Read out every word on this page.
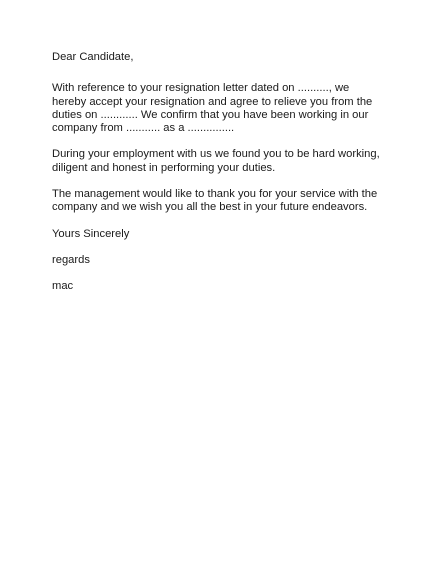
Dear Candidate,

With reference to your resignation letter dated on .........., we
hereby accept your resignation and agree to relieve you from the
duties on ............ We confirm that you have been working in our
company from ........... as a ...............

During your employment with us we found you to be hard working,
diligent and honest in performing your duties.

The management would like to thank you for your service with the
company and we wish you all the best in your future endeavors.

Yours Sincerely

regards

mac
